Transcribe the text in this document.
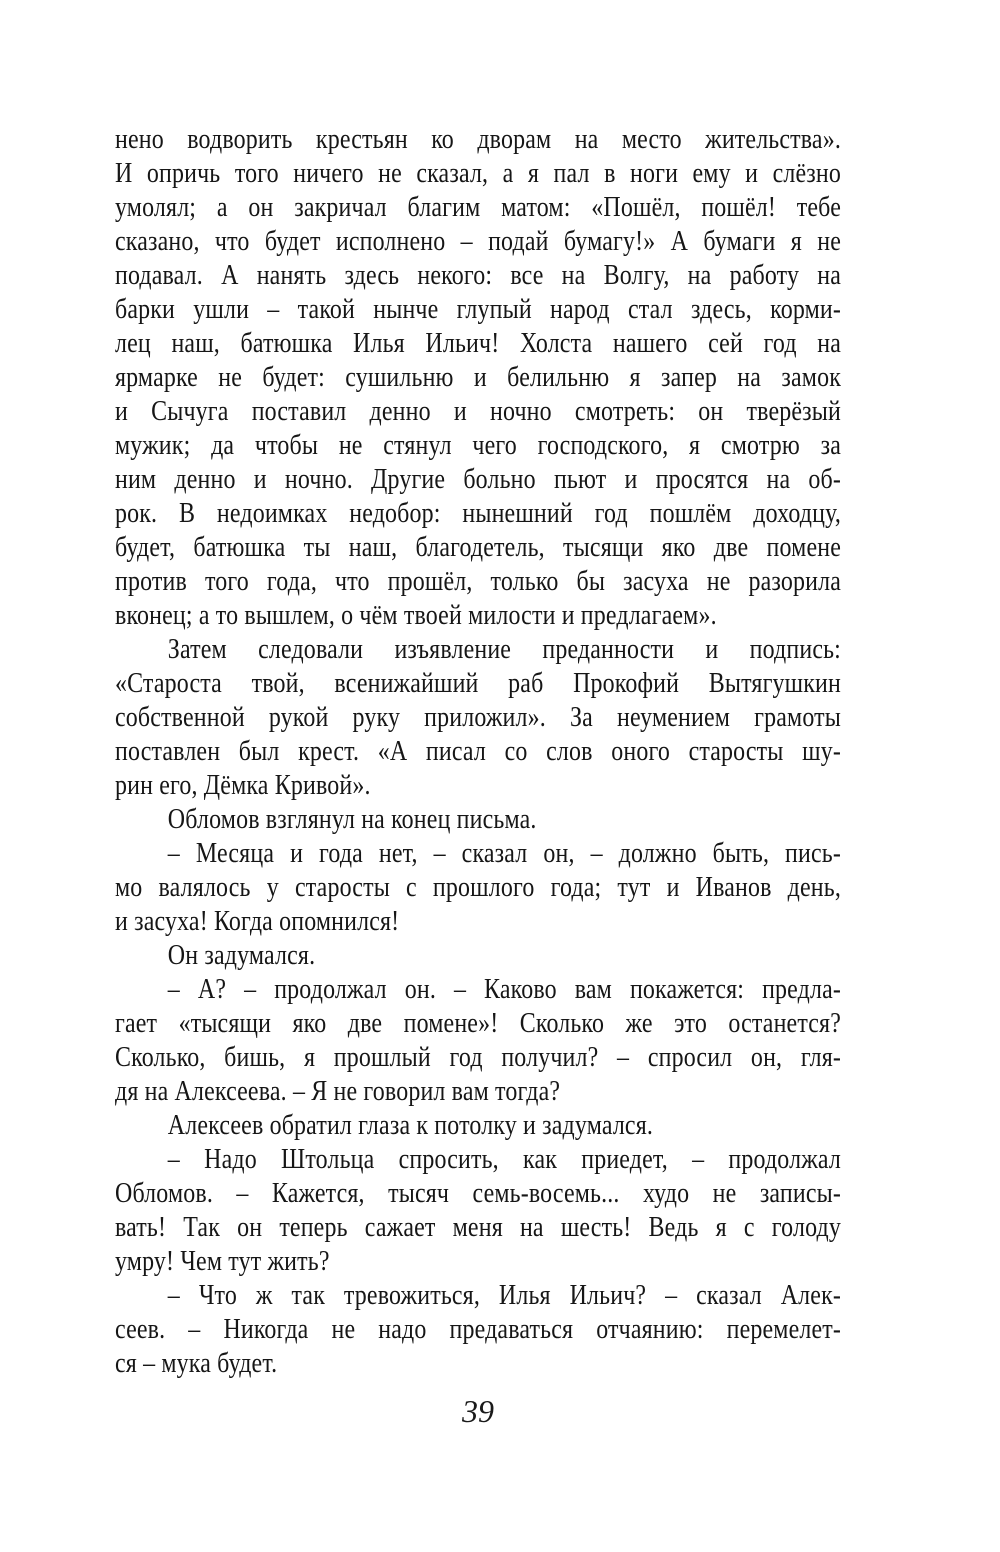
нено водворить крестьян ко дворам на место жительства».
И опричь того ничего не сказал, а я пал в ноги ему и слёзно
умолял; а он закричал благим матом: «Пошёл, пошёл! тебе
сказано, что будет исполнено – подай бумагу!» А бумаги я не
подавал. А нанять здесь некого: все на Волгу, на работу на
барки ушли – такой нынче глупый народ стал здесь, корми-
лец наш, батюшка Илья Ильич! Холста нашего сей год на
ярмарке не будет: сушильню и белильню я запер на замок
и Сычуга поставил денно и ночно смотреть: он тверёзый
мужик; да чтобы не стянул чего господского, я смотрю за
ним денно и ночно. Другие больно пьют и просятся на об-
рок. В недоимках недобор: нынешний год пошлём доходцу,
будет, батюшка ты наш, благодетель, тысящи яко две помене
против того года, что прошёл, только бы засуха не разорила
вконец; а то вышлем, о чём твоей милости и предлагаем».
Затем следовали изъявление преданности и подпись:
«Староста твой, всенижайший раб Прокофий Вытягушкин
собственной рукой руку приложил». За неумением грамоты
поставлен был крест. «А писал со слов оного старосты шу-
рин его, Дёмка Кривой».
Обломов взглянул на конец письма.
– Месяца и года нет, – сказал он, – должно быть, пись-
мо валялось у старосты с прошлого года; тут и Иванов день,
и засуха! Когда опомнился!
Он задумался.
– А? – продолжал он. – Каково вам покажется: предла-
гает «тысящи яко две помене»! Сколько же это останется?
Сколько, бишь, я прошлый год получил? – спросил он, гля-
дя на Алексеева. – Я не говорил вам тогда?
Алексеев обратил глаза к потолку и задумался.
– Надо Штольца спросить, как приедет, – продолжал
Обломов. – Кажется, тысяч семь-восемь... худо не записы-
вать! Так он теперь сажает меня на шесть! Ведь я с голоду
умру! Чем тут жить?
– Что ж так тревожиться, Илья Ильич? – сказал Алек-
сеев. – Никогда не надо предаваться отчаянию: перемелет-
ся – мука будет.
39
